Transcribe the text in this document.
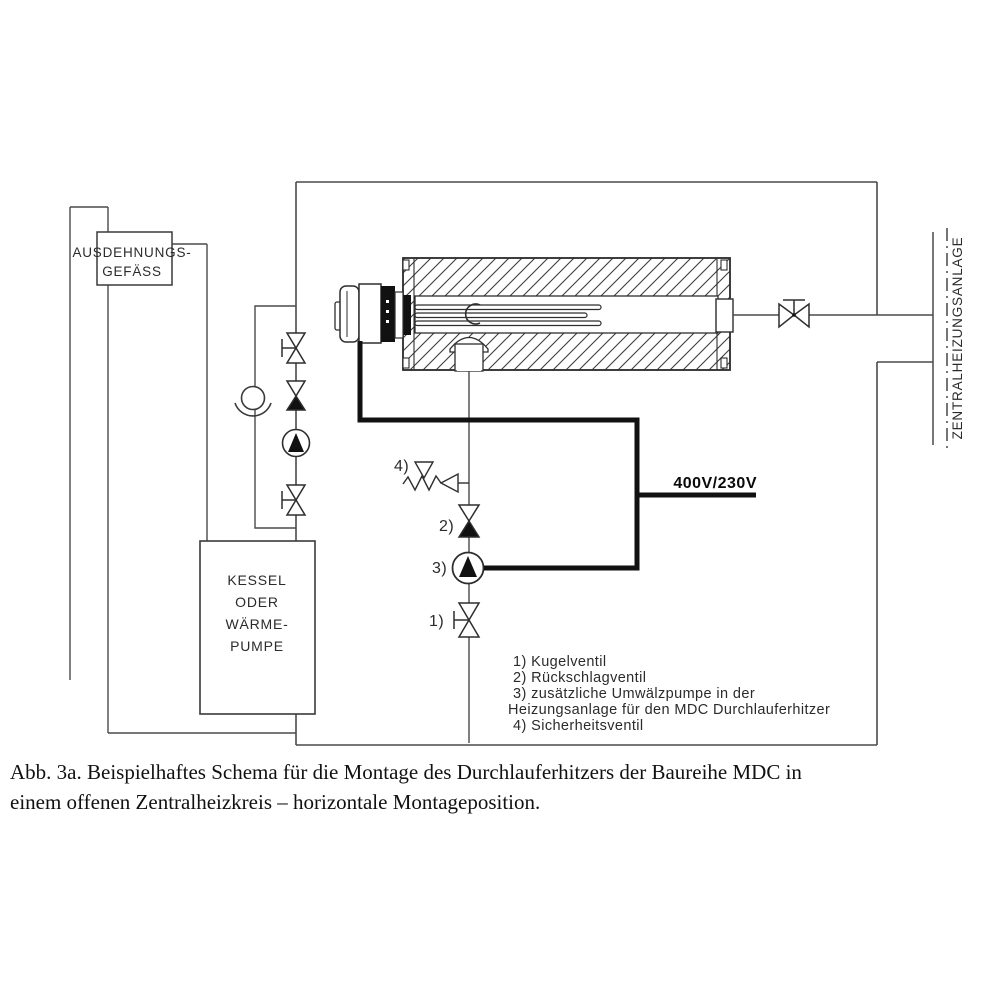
AUSDEHNUNGS-
GEFÄSS
KESSEL
ODER
WÄRME-
PUMPE
4)
2)
3)
1)
400V/230V
ZENTRALHEIZUNGSANLAGE
1) Kugelventil
2) Rückschlagventil
3) zusätzliche Umwälzpumpe in der
Heizungsanlage für den MDC Durchlauferhitzer
4) Sicherheitsventil
Abb. 3a. Beispielhaftes Schema für die Montage des Durchlauferhitzers der Baureihe MDC in
einem offenen Zentralheizkreis – horizontale Montageposition.
